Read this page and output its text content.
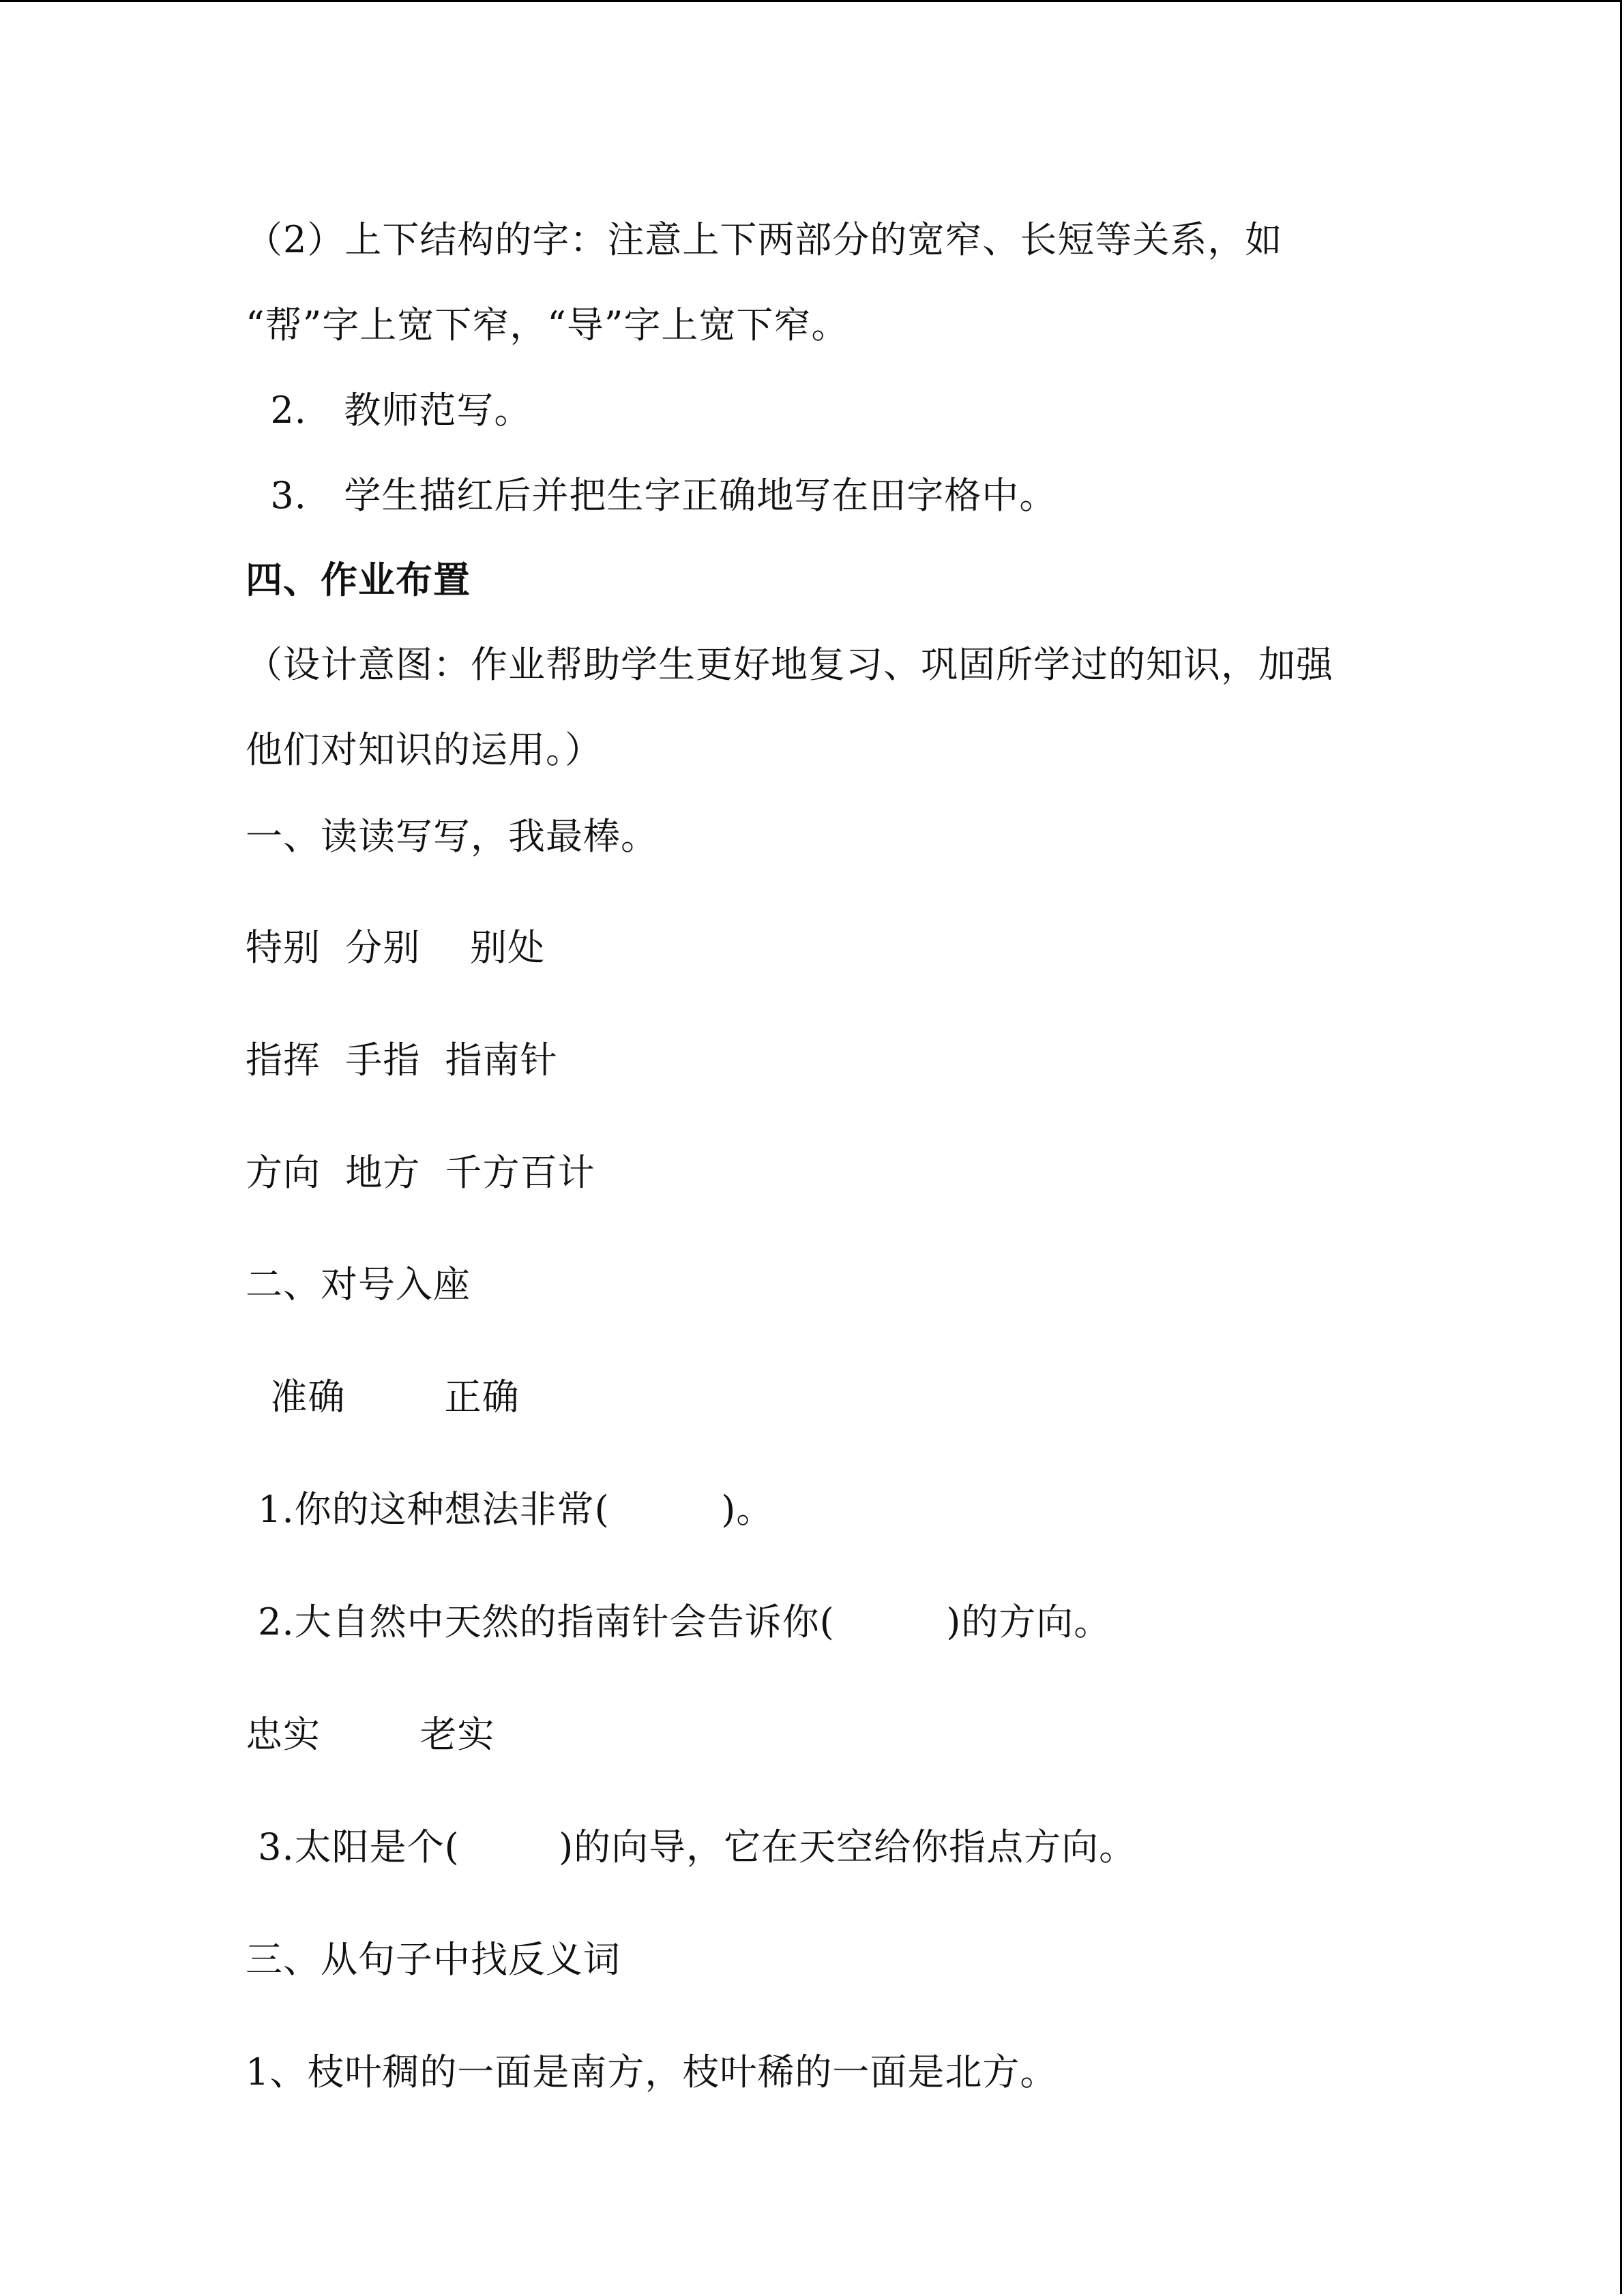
（2）上下结构的字：注意上下两部分的宽窄、长短等关系，如
“帮”字上宽下窄，“导”字上宽下窄。
2.   教师范写。
3.   学生描红后并把生字正确地写在田字格中。
四、作业布置
（设计意图：作业帮助学生更好地复习、巩固所学过的知识，加强
他们对知识的运用。）
一、读读写写，我最棒。
特别  分别    别处
指挥  手指  指南针
方向  地方  千方百计
二、对号入座
准确        正确
1.你的这种想法非常(         )。
2.大自然中天然的指南针会告诉你(         )的方向。
忠实        老实
3.太阳是个(        )的向导，它在天空给你指点方向。
三、从句子中找反义词
1、枝叶稠的一面是南方，枝叶稀的一面是北方。
